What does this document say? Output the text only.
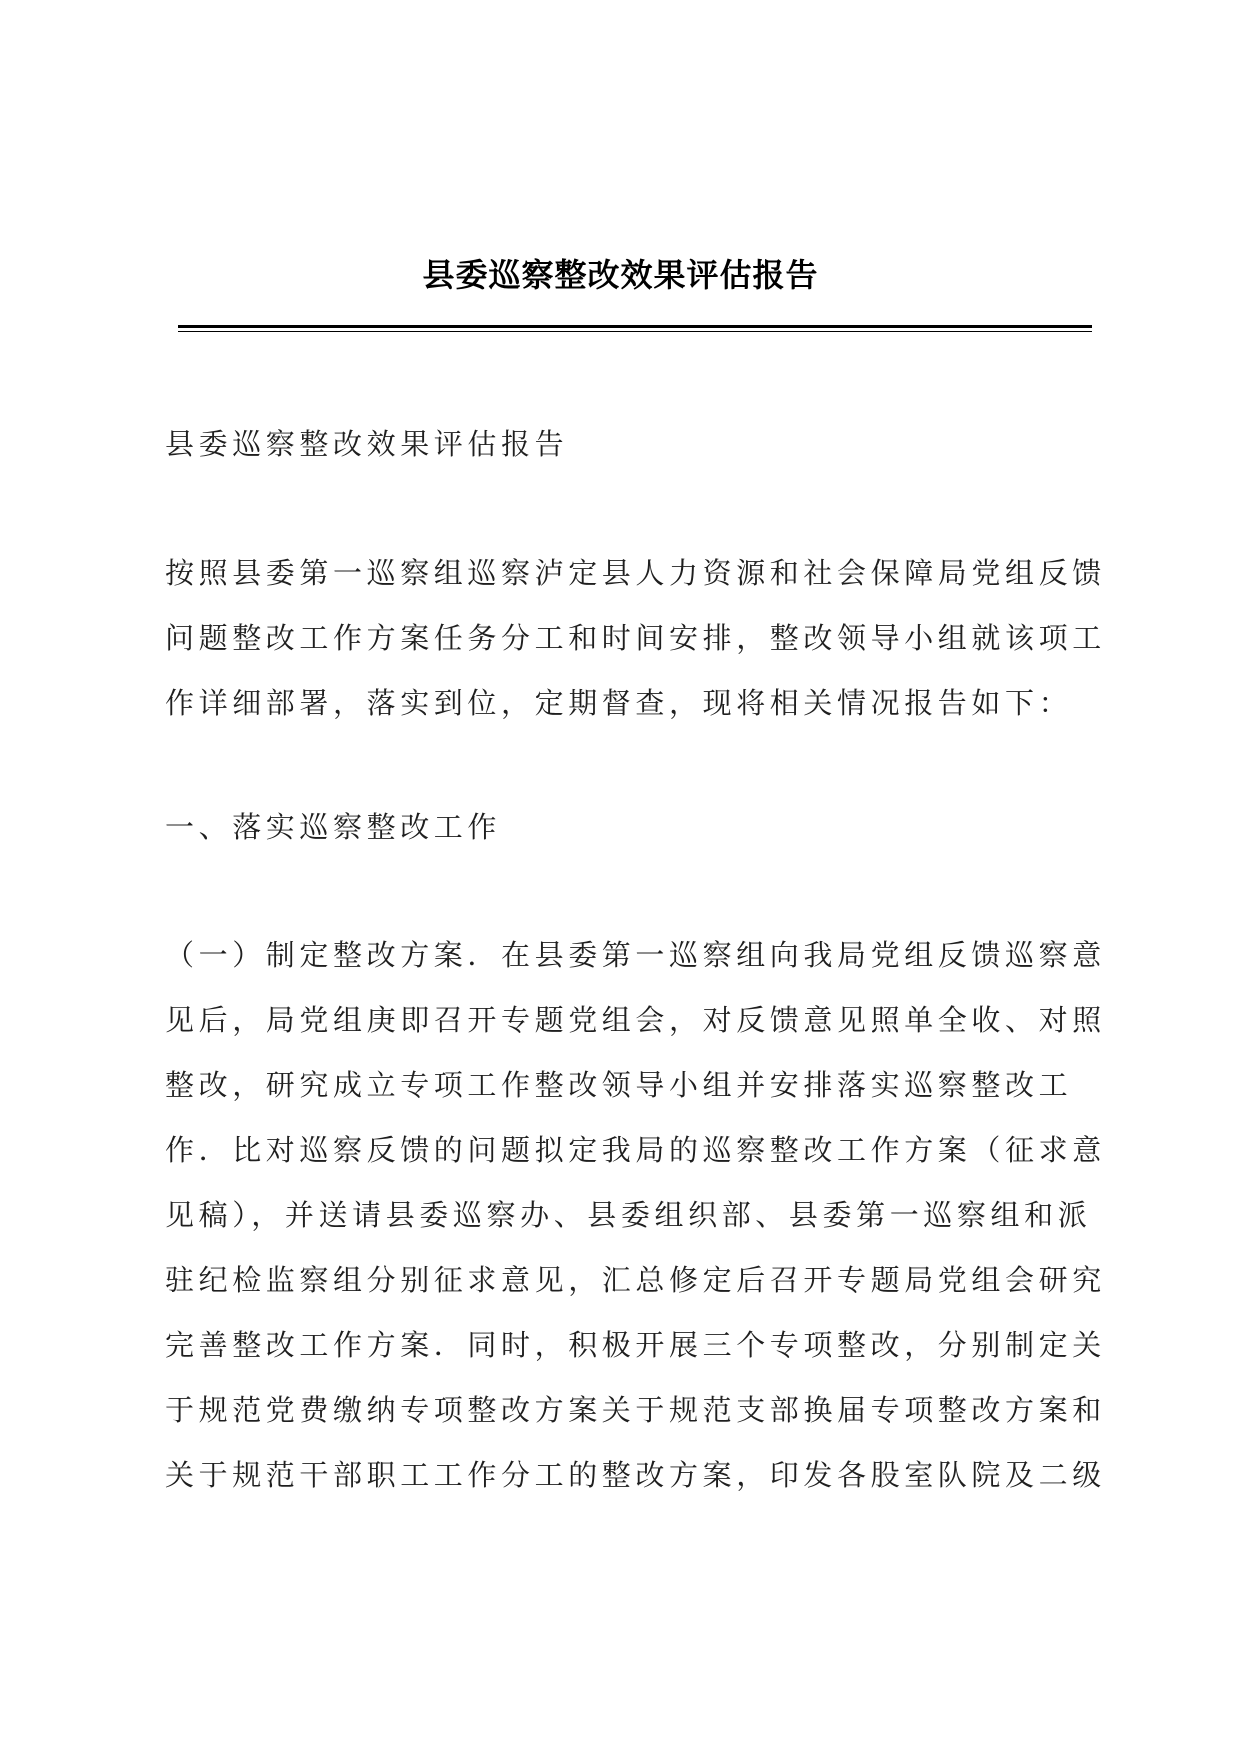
县委巡察整改效果评估报告
县委巡察整改效果评估报告
按照县委第一巡察组巡察泸定县人力资源和社会保障局党组反馈
问题整改工作方案任务分工和时间安排，整改领导小组就该项工
作详细部署，落实到位，定期督查，现将相关情况报告如下：
一、落实巡察整改工作
（一）制定整改方案．在县委第一巡察组向我局党组反馈巡察意
见后，局党组庚即召开专题党组会，对反馈意见照单全收、对照
整改，研究成立专项工作整改领导小组并安排落实巡察整改工
作．比对巡察反馈的问题拟定我局的巡察整改工作方案（征求意
见稿），并送请县委巡察办、县委组织部、县委第一巡察组和派
驻纪检监察组分别征求意见，汇总修定后召开专题局党组会研究
完善整改工作方案．同时，积极开展三个专项整改，分别制定关
于规范党费缴纳专项整改方案关于规范支部换届专项整改方案和
关于规范干部职工工作分工的整改方案，印发各股室队院及二级
